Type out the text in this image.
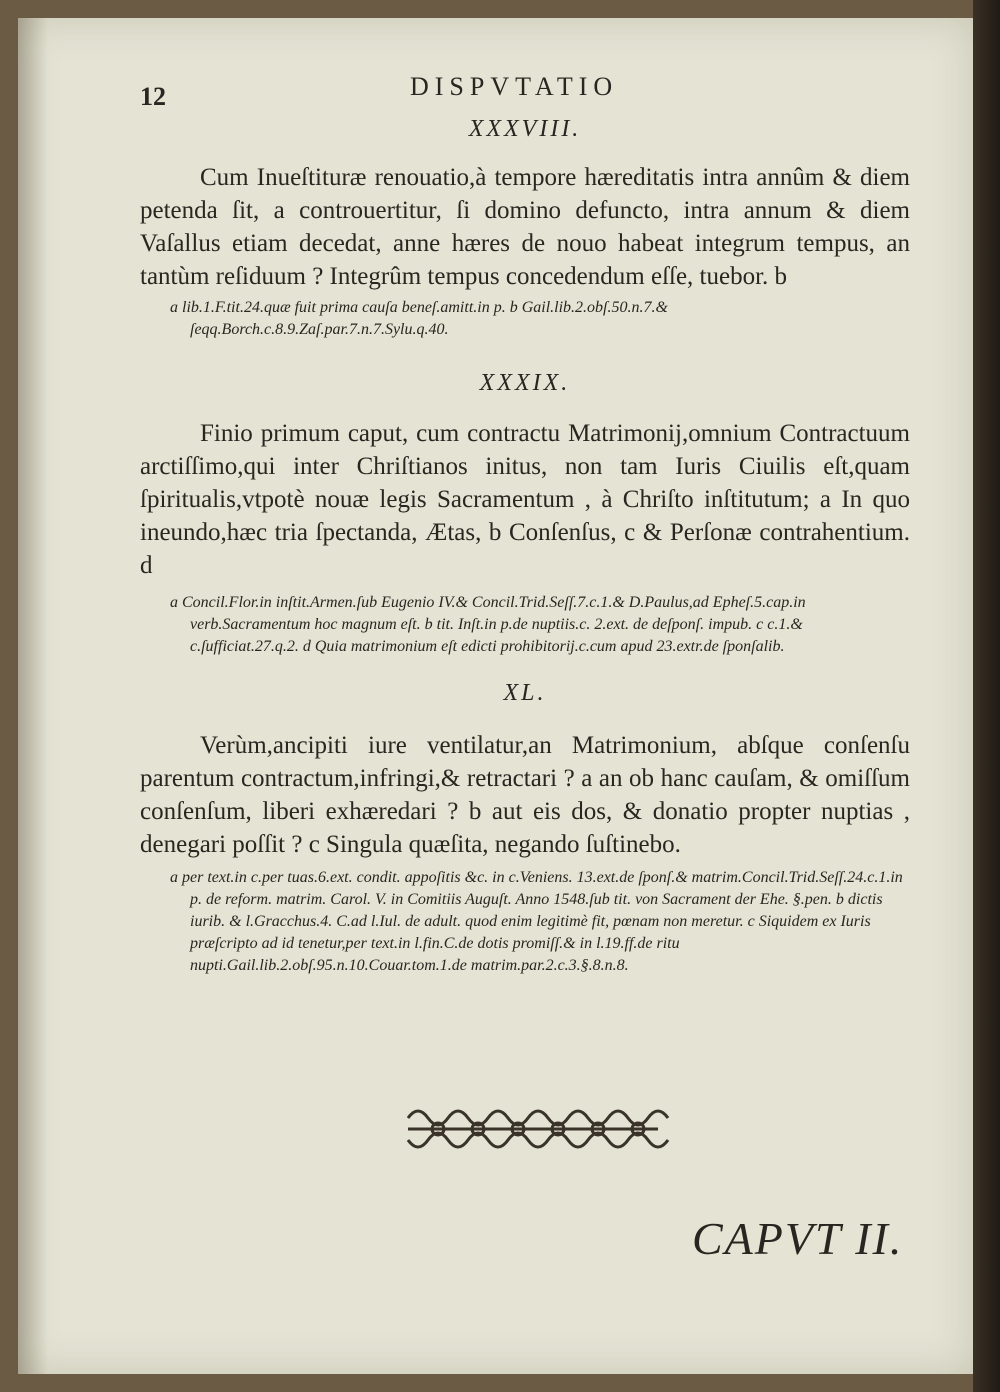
12	DISPVTATIO

XXXVIII.

Cum Inueſtituræ renouatio,à tempore hæreditatis intra annûm & diem petenda ſit, a controuertitur, ſi domino defuncto, intra annum & diem Vaſallus etiam decedat, anne hæres de nouo habeat integrum tempus, an tantùm reſiduum ? Integrûm tempus concedendum eſſe, tuebor. b

a lib.1.F.tit.24.quæ fuit prima cauſa beneſ.amitt.in p. b Gail.lib.2.obſ.50.n.7.& ſeqq.Borch.c.8.9.Zaſ.par.7.n.7.Sylu.q.40.

XXXIX.

Finio primum caput, cum contractu Matrimonij,omnium Contractuum arctiſſimo,qui inter Chriſtianos initus, non tam Iuris Ciuilis eſt,quam ſpiritualis,vtpotè nouæ legis Sacramentum , à Chriſto inſtitutum; a In quo ineundo,hæc tria ſpectanda, Ætas, b Conſenſus, c & Perſonæ contrahentium. d

a Concil.Flor.in inſtit.Armen.ſub Eugenio IV.& Concil.Trid.Seſſ.7.c.1.& D.Paulus,ad Epheſ.5.cap.in verb.Sacramentum hoc magnum eſt. b tit. Inſt.in p.de nuptiis.c. 2.ext. de deſponſ. impub. c c.1.& c.ſufficiat.27.q.2. d Quia matrimonium eſt edicti prohibitorij.c.cum apud 23.extr.de ſponſalib.

XL.

Verùm,ancipiti iure ventilatur,an Matrimonium, abſque conſenſu parentum contractum,infringi,& retractari ? a an ob hanc cauſam, & omiſſum conſenſum, liberi exhæredari ? b aut eis dos, & donatio propter nuptias , denegari poſſit ? c Singula quæſita, negando ſuſtinebo.

a per text.in c.per tuas.6.ext. condit. appoſitis &c. in c.Veniens. 13.ext.de ſponſ.& matrim.Concil.Trid.Seſſ.24.c.1.in p. de reform. matrim. Carol. V. in Comitiis Auguſt. Anno 1548.ſub tit. von Sacrament der Ehe. §.pen. b dictis iurib. & l.Gracchus.4. C.ad l.Iul. de adult. quod enim legitimè fit, pœnam non meretur. c Siquidem ex Iuris præſcripto ad id tenetur,per text.in l.fin.C.de dotis promiſſ.& in l.19.ff.de ritu nupti.Gail.lib.2.obſ.95.n.10.Couar.tom.1.de matrim.par.2.c.3.§.8.n.8.

CAPVT II.
